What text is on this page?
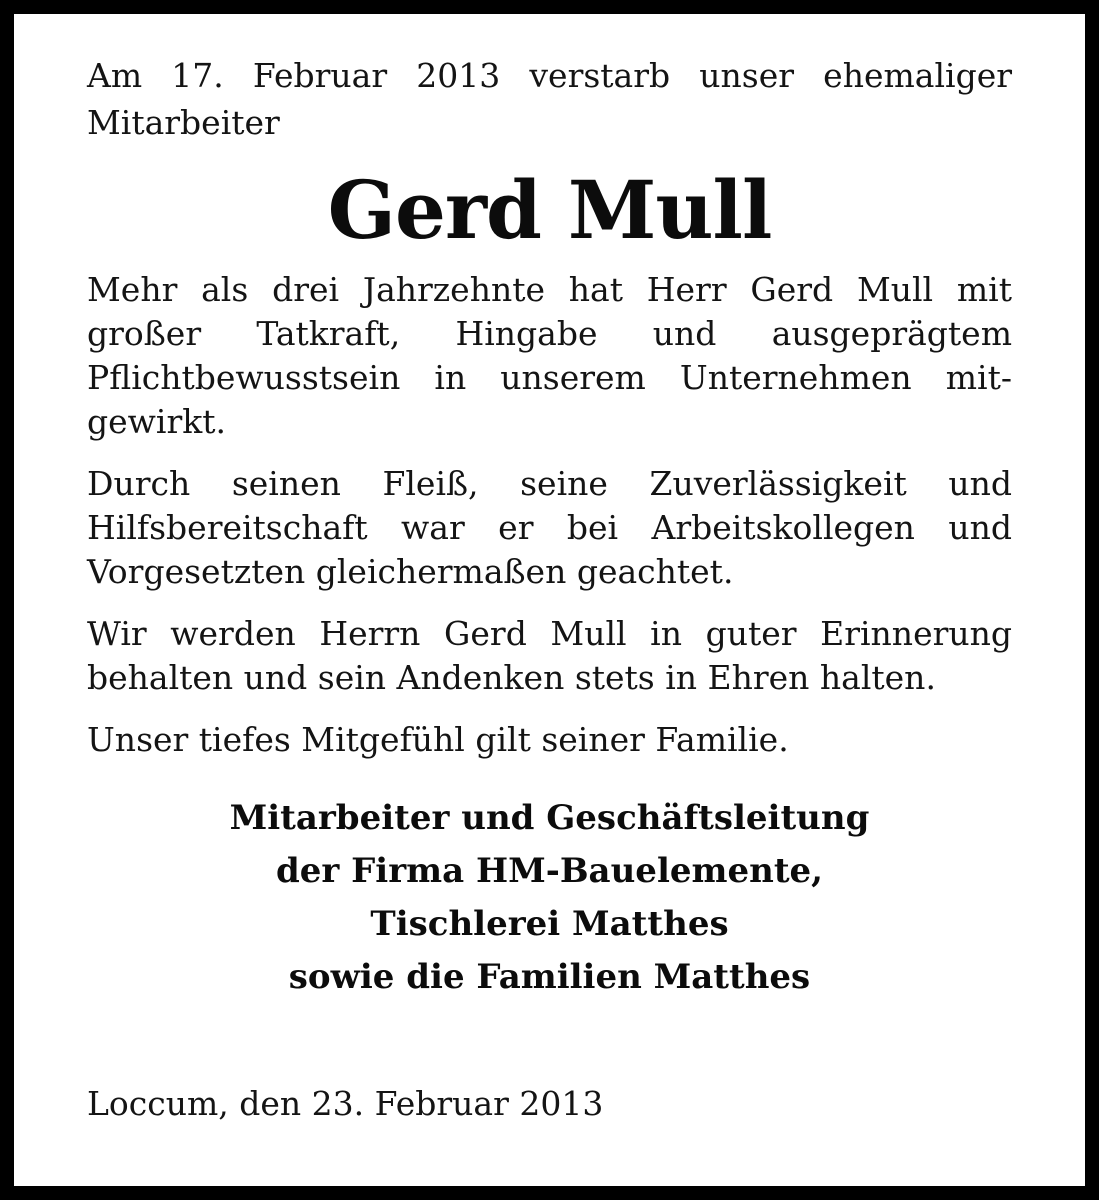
Am 17. Februar 2013 verstarb unser ehemaliger
Mitarbeiter

Gerd Mull

Mehr als drei Jahrzehnte hat Herr Gerd Mull mit großer Tatkraft, Hingabe und ausgeprägtem Pflichtbewusstsein in unserem Unternehmen mit-gewirkt.

Durch seinen Fleiß, seine Zuverlässigkeit und Hilfsbereitschaft war er bei Arbeitskollegen und Vorgesetzten gleichermaßen geachtet.

Wir werden Herrn Gerd Mull in guter Erinnerung behalten und sein Andenken stets in Ehren halten.

Unser tiefes Mitgefühl gilt seiner Familie.

Mitarbeiter und Geschäftsleitung
der Firma HM-Bauelemente,
Tischlerei Matthes
sowie die Familien Matthes

Loccum, den 23. Februar 2013
